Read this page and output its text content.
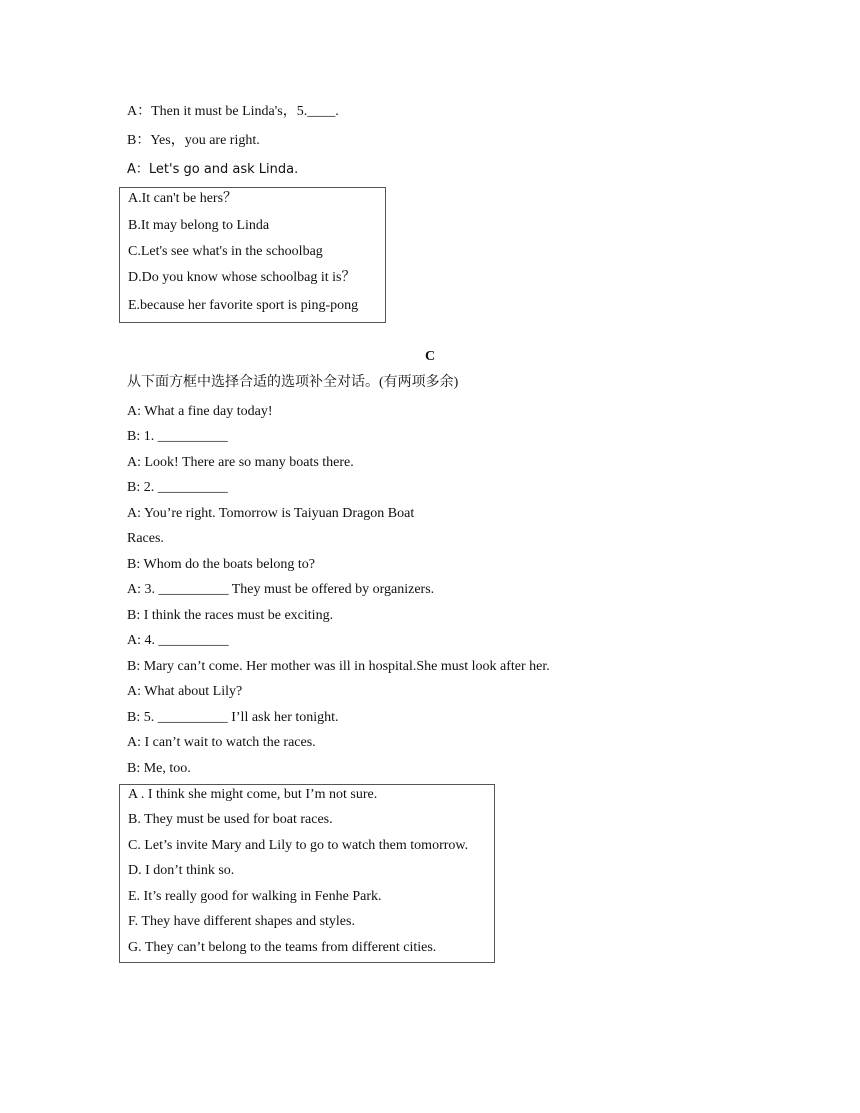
A：Then it must be Linda's，5.____.
B：Yes，you are right.
A：Let's go and ask Linda.
A.It can't be hers？
B.It may belong to Linda
C.Let's see what's in the schoolbag
D.Do you know whose schoolbag it is？
E.because her favorite sport is ping-pong
C
从下面方框中选择合适的选项补全对话。(有两项多余)
A: What a fine day today!
B: 1. __________
A: Look! There are so many boats there.
B: 2. __________
A: You’re right. Tomorrow is Taiyuan Dragon Boat
Races.
B: Whom do the boats belong to?
A: 3. __________ They must be offered by organizers.
B: I think the races must be exciting.
A: 4. __________
B: Mary can’t come. Her mother was ill in hospital.She must look after her.
A: What about Lily?
B: 5. __________ I’ll ask her tonight.
A: I can’t wait to watch the races.
B: Me, too.
A . I think she might come, but I’m not sure.
B. They must be used for boat races.
C. Let’s invite Mary and Lily to go to watch them tomorrow.
D. I don’t think so.
E. It’s really good for walking in Fenhe Park.
F. They have different shapes and styles.
G. They can’t belong to the teams from different cities.
